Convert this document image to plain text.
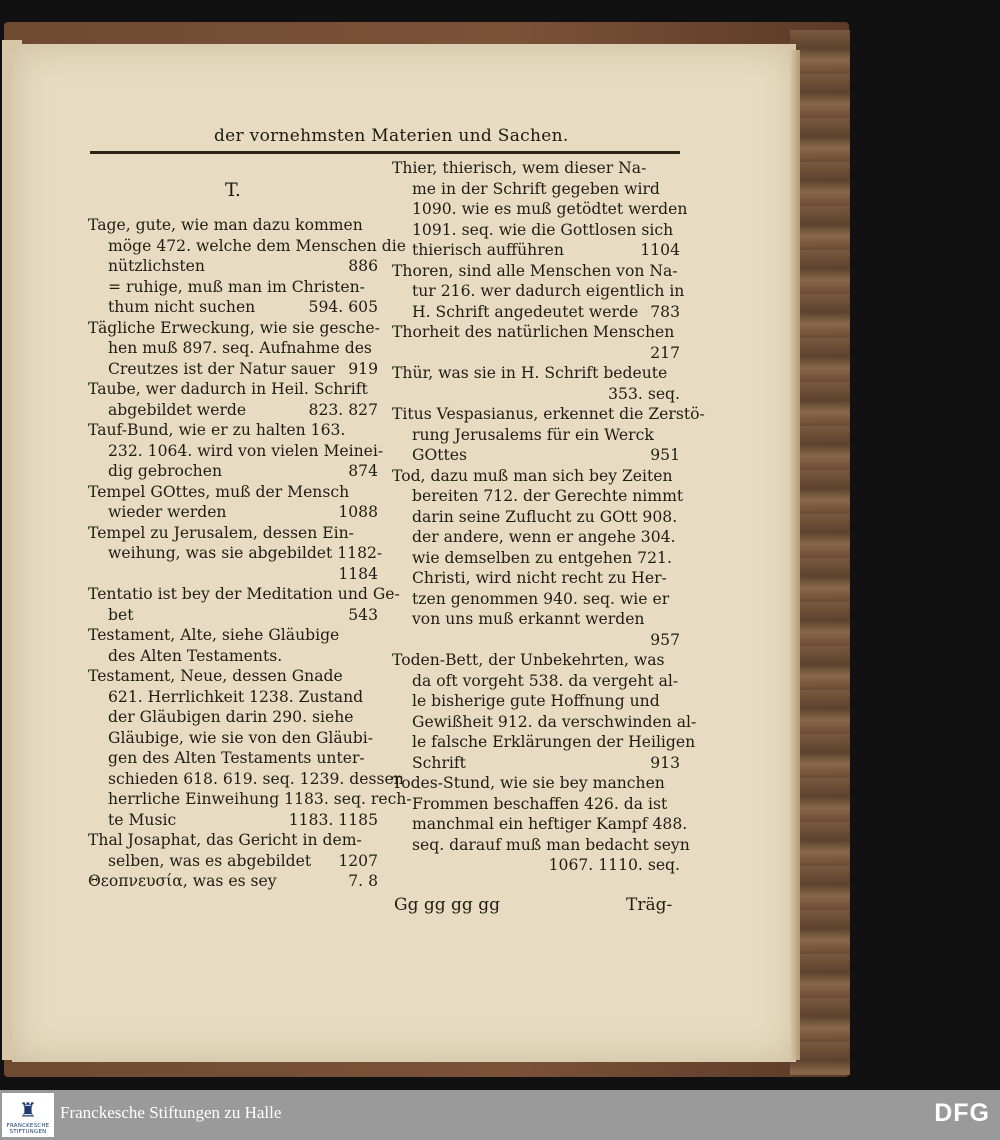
der vornehmsten Materien und Sachen.
T.
Tage, gute, wie man dazu kommen
möge 472. welche dem Menschen die
nützlichsten	886
= ruhige, muß man im Christen-
thum nicht suchen	594. 605
Tägliche Erweckung, wie sie gesche-
hen muß 897. seq. Aufnahme des
Creutzes ist der Natur sauer 919
Taube, wer dadurch in Heil. Schrift
abgebildet werde	823. 827
Tauf-Bund, wie er zu halten 163.
232. 1064. wird von vielen Meinei-
dig gebrochen	874
Tempel GOttes, muß der Mensch
wieder werden	1088
Tempel zu Jerusalem, dessen Ein-
weihung, was sie abgebildet 1182-
1184
Tentatio ist bey der Meditation und Ge-
bet	543
Testament, Alte, siehe Gläubige
des Alten Testaments.
Testament, Neue, dessen Gnade
621. Herrlichkeit 1238. Zustand
der Gläubigen darin 290. siehe
Gläubige, wie sie von den Gläubi-
gen des Alten Testaments unter-
schieden 618. 619. seq. 1239. dessen
herrliche Einweihung 1183. seq. rech-
te Music	1183. 1185
Thal Josaphat, das Gericht in dem-
selben, was es abgebildet 1207
Θεοπνευσία, was es sey	7. 8
Thier, thierisch, wem dieser Na-
me in der Schrift gegeben wird
1090. wie es muß getödtet werden
1091. seq. wie die Gottlosen sich
thierisch aufführen	1104
Thoren, sind alle Menschen von Na-
tur 216. wer dadurch eigentlich in
H. Schrift angedeutet werde 783
Thorheit des natürlichen Menschen
217
Thür, was sie in H. Schrift bedeute
353. seq.
Titus Vespasianus, erkennet die Zerstö-
rung Jerusalems für ein Werck
GOttes	951
Tod, dazu muß man sich bey Zeiten
bereiten 712. der Gerechte nimmt
darin seine Zuflucht zu GOtt 908.
der andere, wenn er angehe 304.
wie demselben zu entgehen 721.
Christi, wird nicht recht zu Her-
tzen genommen 940. seq. wie er
von uns muß erkannt werden
957
Toden-Bett, der Unbekehrten, was
da oft vorgeht 538. da vergeht al-
le bisherige gute Hoffnung und
Gewißheit 912. da verschwinden al-
le falsche Erklärungen der Heiligen
Schrift	913
Todes-Stund, wie sie bey manchen
Frommen beschaffen 426. da ist
manchmal ein heftiger Kampf 488.
seq. darauf muß man bedacht seyn
1067. 1110. seq.
Gg gg gg gg	Träg-
♜
FRANCKESCHE STIFTUNGEN
Franckesche Stiftungen zu Halle	DFG
